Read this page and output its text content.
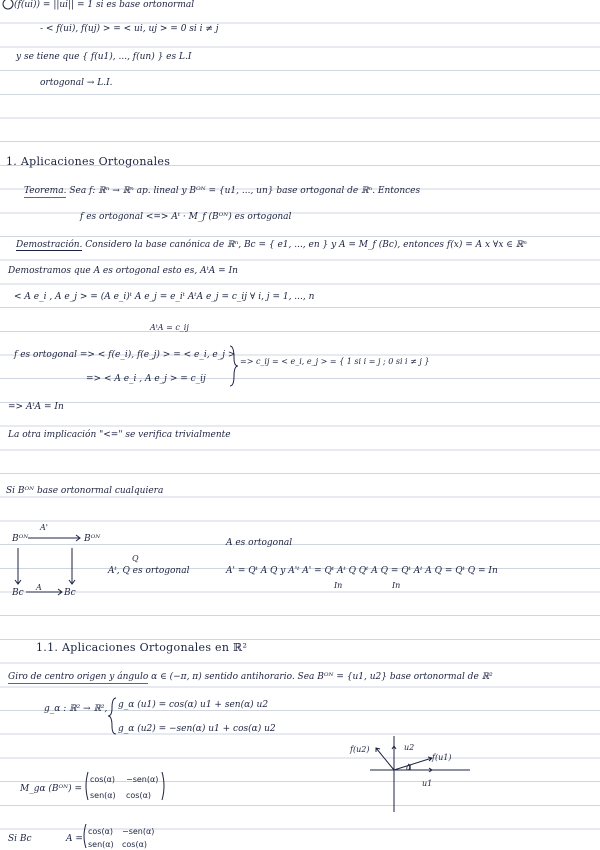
(f(ui)) = ||ui|| = 1 si es base ortonormal
- < f(ui), f(uj) > = < ui, uj > = 0 si i ≠ j
y se tiene que { f(u1), ..., f(un) } es L.I
ortogonal → L.I.
1. Aplicaciones Ortogonales
Teorema. Sea f: ℝⁿ → ℝⁿ ap. lineal y Bᴼᴺ = {u1, ..., un} base ortogonal de ℝⁿ. Entonces
f es ortogonal <=> Aᵗ · M_f (Bᴼᴺ) es ortogonal
Demostración. Considero la base canónica de ℝⁿ, Bc = { e1, ..., en } y A = M_f (Bc), entonces f(x) = A x ∀x ∈ ℝⁿ
Demostramos que A es ortogonal esto es, AᵗA = In
< A e_i , A e_j > = (A e_i)ᵗ A e_j = e_iᵗ AᵗA e_j = c_ij ∀ i, j = 1, ..., n
AᵗA = c_ij
f es ortogonal => < f(e_i), f(e_j) > = < e_i, e_j >
=> < A e_i , A e_j > = c_ij
=> c_ij = < e_i, e_j > = { 1 si i = j ; 0 si i ≠ j }
=> AᵗA = In
La otra implicación "<=" se verifica trivialmente
Si Bᴼᴺ base ortonormal cualquiera
Bᴼᴺ	Bᴼᴺ
Bc	Bc
A'
A
Q
Aᵗ, Q es ortogonal
A es ortogonal
A' = Qᵗ A Q y A'ᵗ A' = Qᵗ Aᵗ Q Qᵗ A Q = Qᵗ Aᵗ A Q = Qᵗ Q = In
In	In
1.1. Aplicaciones Ortogonales en ℝ²
Giro de centro origen y ángulo α ∈ (−π, π) sentido antihorario. Sea Bᴼᴺ = {u1, u2} base ortonormal de ℝ²
g_α : ℝ² → ℝ², g_α (u1) = cos(α) u1 + sen(α) u2
g_α (u2) = −sen(α) u1 + cos(α) u2
M_gα (Bᴼᴺ) =
cos(α) −sen(α)
sen(α) cos(α)
Si Bc	A =
cos(α) −sen(α)
sen(α) cos(α)
u2
f(u2)
f(u1)
u1
α
